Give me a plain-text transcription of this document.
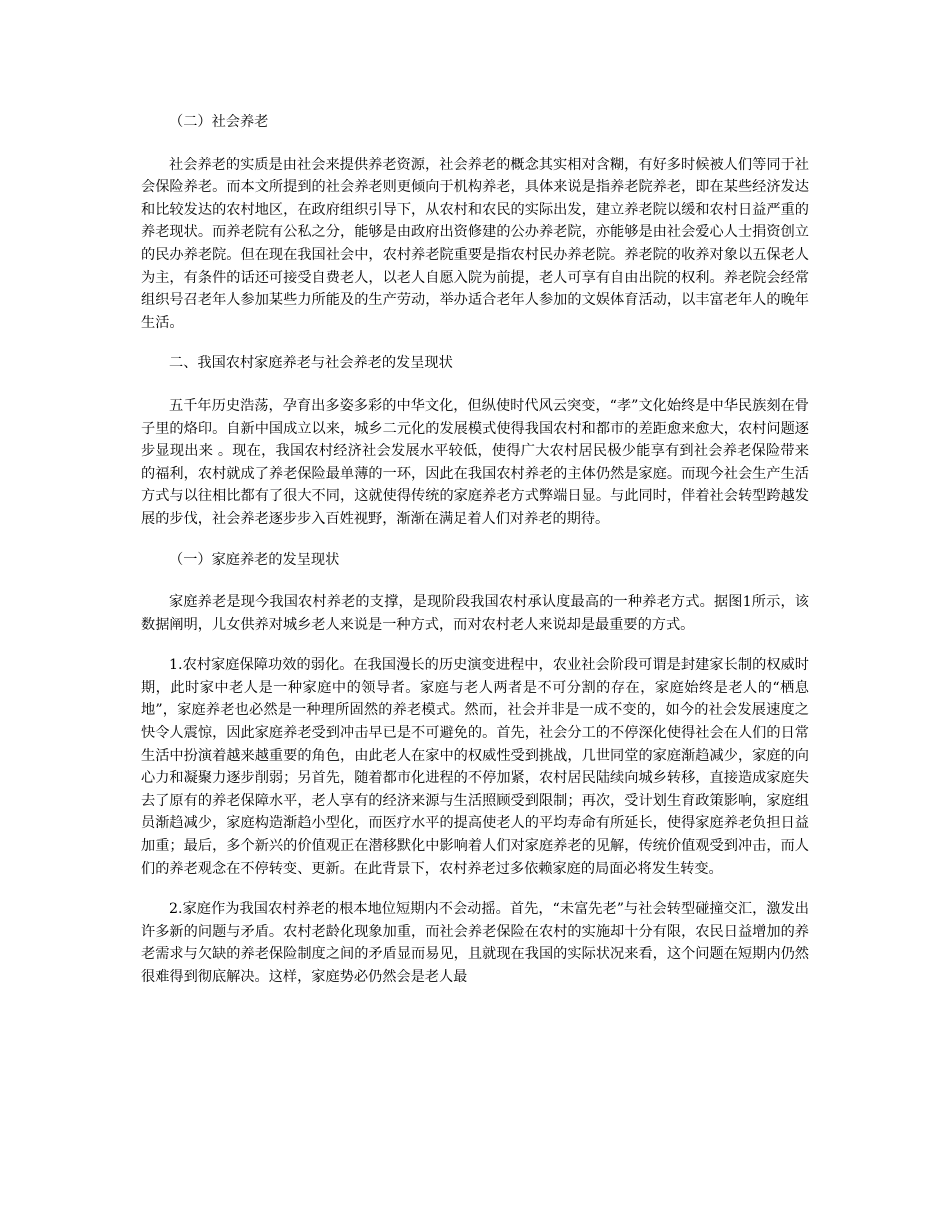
（二）社会养老

社会养老的实质是由社会来提供养老资源，社会养老的概念其实相对含糊，有好多时候被人们等同于社会保险养老。而本文所提到的社会养老则更倾向于机构养老，具体来说是指养老院养老，即在某些经济发达和比较发达的农村地区，在政府组织引导下，从农村和农民的实际出发，建立养老院以缓和农村日益严重的养老现状。而养老院有公私之分，能够是由政府出资修建的公办养老院，亦能够是由社会爱心人士捐资创立的民办养老院。但在现在我国社会中，农村养老院重要是指农村民办养老院。养老院的收养对象以五保老人为主，有条件的话还可接受自费老人，以老人自愿入院为前提，老人可享有自由出院的权利。养老院会经常组织号召老年人参加某些力所能及的生产劳动，举办适合老年人参加的文娱体育活动，以丰富老年人的晚年生活。

二、我国农村家庭养老与社会养老的发呈现状

五千年历史浩荡，孕育出多姿多彩的中华文化，但纵使时代风云突变，“孝”文化始终是中华民族刻在骨子里的烙印。自新中国成立以来，城乡二元化的发展模式使得我国农村和都市的差距愈来愈大，农村问题逐步显现出来 。现在，我国农村经济社会发展水平较低，使得广大农村居民极少能享有到社会养老保险带来的福利，农村就成了养老保险最单薄的一环，因此在我国农村养老的主体仍然是家庭。而现今社会生产生活方式与以往相比都有了很大不同，这就使得传统的家庭养老方式弊端日显。与此同时，伴着社会转型跨越发展的步伐，社会养老逐步步入百姓视野，渐渐在满足着人们对养老的期待。

（一）家庭养老的发呈现状

家庭养老是现今我国农村养老的支撑，是现阶段我国农村承认度最高的一种养老方式。据图1所示，该数据阐明，儿女供养对城乡老人来说是一种方式，而对农村老人来说却是最重要的方式。

1.农村家庭保障功效的弱化。在我国漫长的历史演变进程中，农业社会阶段可谓是封建家长制的权威时期，此时家中老人是一种家庭中的领导者。家庭与老人两者是不可分割的存在，家庭始终是老人的“栖息地”，家庭养老也必然是一种理所固然的养老模式。然而，社会并非是一成不变的，如今的社会发展速度之快令人震惊，因此家庭养老受到冲击早已是不可避免的。首先，社会分工的不停深化使得社会在人们的日常生活中扮演着越来越重要的角色，由此老人在家中的权威性受到挑战，几世同堂的家庭渐趋减少，家庭的向心力和凝聚力逐步削弱；另首先，随着都市化进程的不停加紧，农村居民陆续向城乡转移，直接造成家庭失去了原有的养老保障水平，老人享有的经济来源与生活照顾受到限制；再次，受计划生育政策影响，家庭组员渐趋减少，家庭构造渐趋小型化，而医疗水平的提高使老人的平均寿命有所延长，使得家庭养老负担日益加重；最后，多个新兴的价值观正在潜移默化中影响着人们对家庭养老的见解，传统价值观受到冲击，而人们的养老观念在不停转变、更新。在此背景下，农村养老过多依赖家庭的局面必将发生转变。

2.家庭作为我国农村养老的根本地位短期内不会动摇。首先，“未富先老”与社会转型碰撞交汇，激发出许多新的问题与矛盾。农村老龄化现象加重，而社会养老保险在农村的实施却十分有限，农民日益增加的养老需求与欠缺的养老保险制度之间的矛盾显而易见，且就现在我国的实际状况来看，这个问题在短期内仍然很难得到彻底解决。这样，家庭势必仍然会是老人最
